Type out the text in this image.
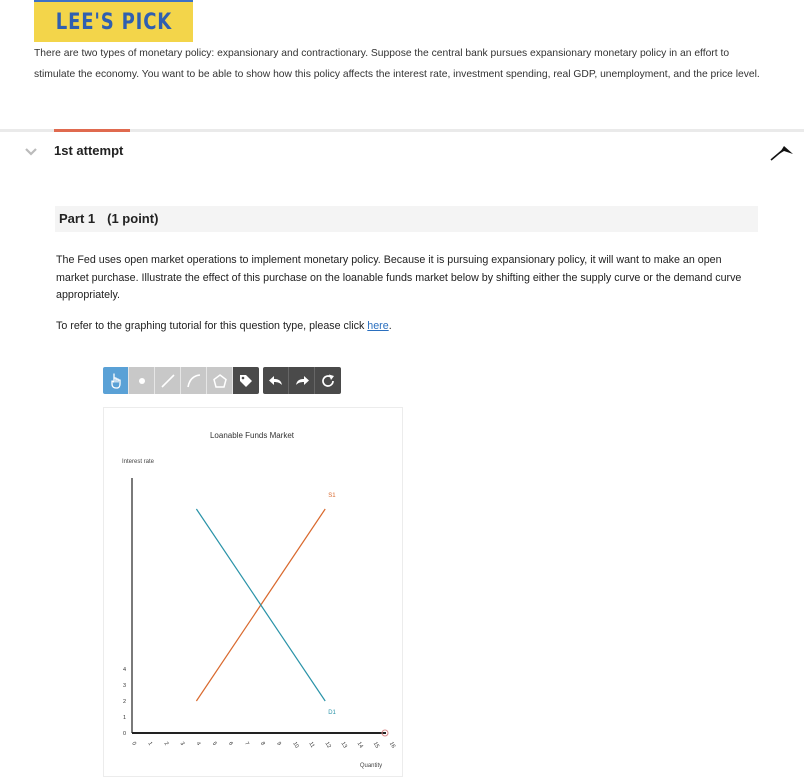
LEE'S PICK
There are two types of monetary policy: expansionary and contractionary. Suppose the central bank pursues expansionary monetary policy in an effort to stimulate the economy. You want to be able to show how this policy affects the interest rate, investment spending, real GDP, unemployment, and the price level.
1st attempt
Part 1 (1 point)
The Fed uses open market operations to implement monetary policy. Because it is pursuing expansionary policy, it will want to make an open market purchase. Illustrate the effect of this purchase on the loanable funds market below by shifting either the supply curve or the demand curve appropriately.
To refer to the graphing tutorial for this question type, please click here.
Loanable Funds Market
Interest rate
Quantity
0 1 2 3 4 5 6 7 8 9 10 11 12 13 14 15 16
0
1
2
3
4
S1
D1
